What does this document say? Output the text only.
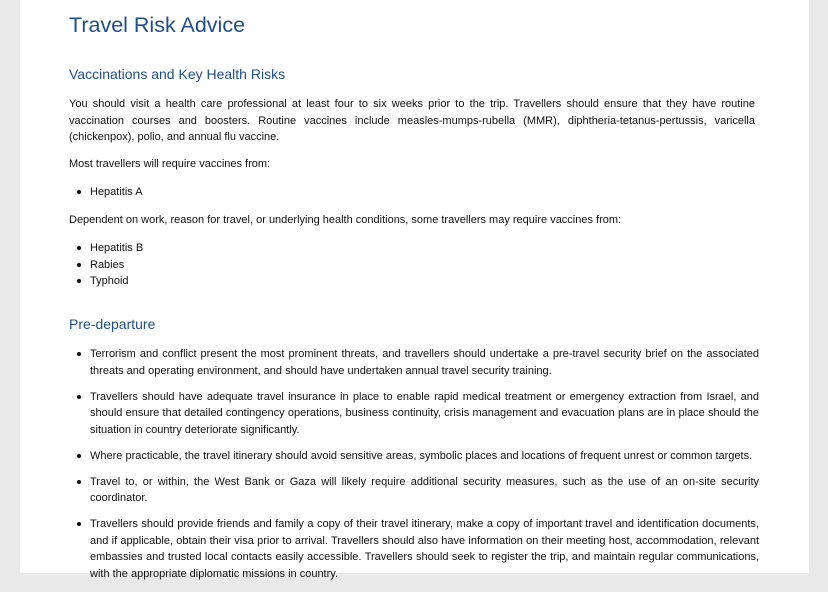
Travel Risk Advice
Vaccinations and Key Health Risks

You should visit a health care professional at least four to six weeks prior to the trip. Travellers should ensure that they have routine vaccination courses and boosters. Routine vaccines include measles-mumps-rubella (MMR), diphtheria-tetanus-pertussis, varicella (chickenpox), polio, and annual flu vaccine.

Most travellers will require vaccines from:

Hepatitis A

Dependent on work, reason for travel, or underlying health conditions, some travellers may require vaccines from:

Hepatitis B
Rabies
Typhoid
Pre-departure
Terrorism and conflict present the most prominent threats, and travellers should undertake a pre-travel security brief on the associated threats and operating environment, and should have undertaken annual travel security training.
Travellers should have adequate travel insurance in place to enable rapid medical treatment or emergency extraction from Israel, and should ensure that detailed contingency operations, business continuity, crisis management and evacuation plans are in place should the situation in country deteriorate significantly.
Where practicable, the travel itinerary should avoid sensitive areas, symbolic places and locations of frequent unrest or common targets.
Travel to, or within, the West Bank or Gaza will likely require additional security measures, such as the use of an on-site security coordinator.
Travellers should provide friends and family a copy of their travel itinerary, make a copy of important travel and identification documents, and if applicable, obtain their visa prior to arrival. Travellers should also have information on their meeting host, accommodation, relevant embassies and trusted local contacts easily accessible. Travellers should seek to register the trip, and maintain regular communications, with the appropriate diplomatic missions in country.
